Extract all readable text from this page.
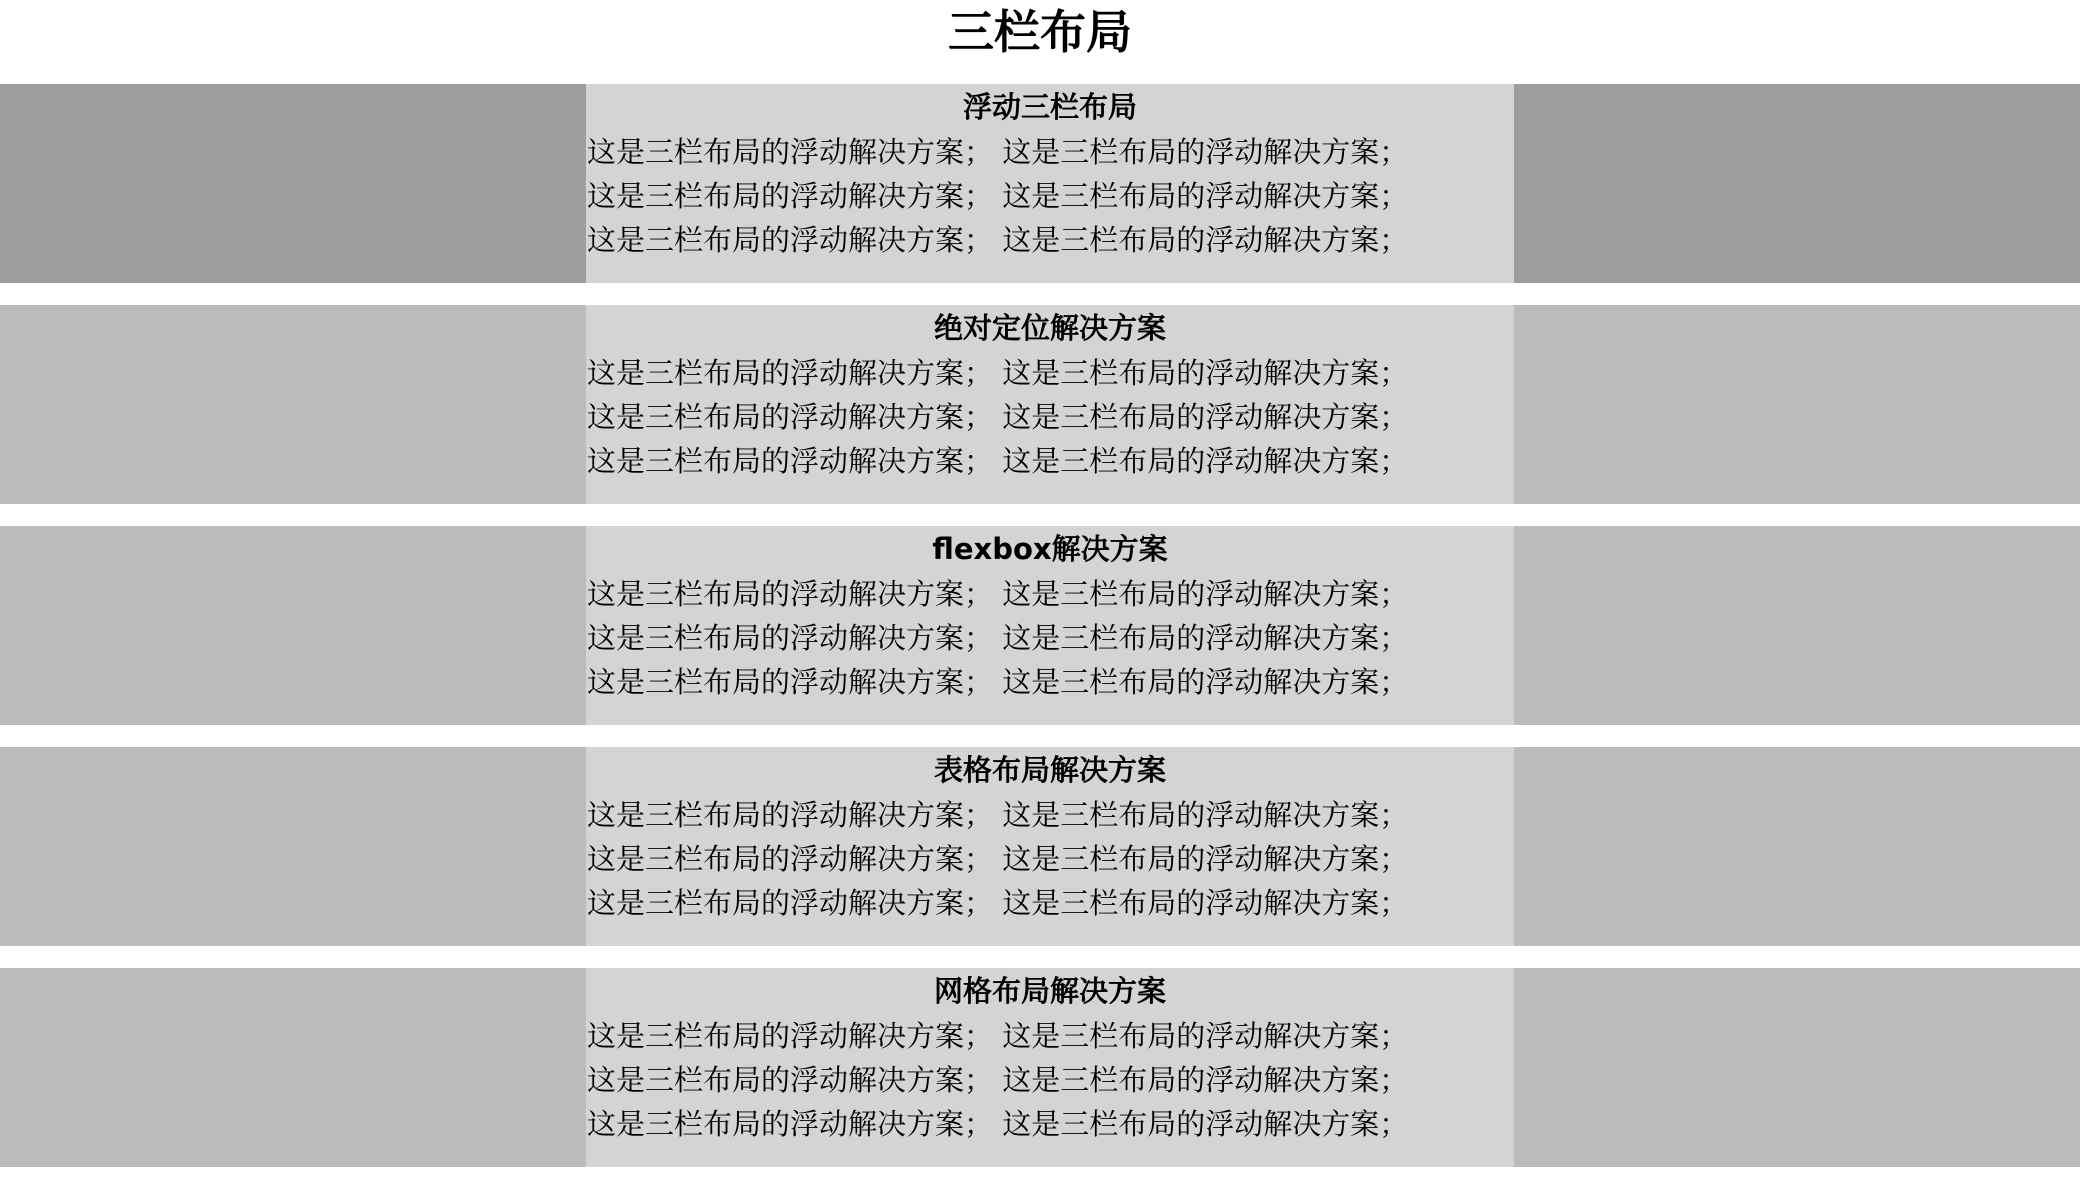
三栏布局
浮动三栏布局
这是三栏布局的浮动解决方案； 这是三栏布局的浮动解决方案；
这是三栏布局的浮动解决方案； 这是三栏布局的浮动解决方案；
这是三栏布局的浮动解决方案； 这是三栏布局的浮动解决方案；
绝对定位解决方案
这是三栏布局的浮动解决方案； 这是三栏布局的浮动解决方案；
这是三栏布局的浮动解决方案； 这是三栏布局的浮动解决方案；
这是三栏布局的浮动解决方案； 这是三栏布局的浮动解决方案；
flexbox解决方案
这是三栏布局的浮动解决方案； 这是三栏布局的浮动解决方案；
这是三栏布局的浮动解决方案； 这是三栏布局的浮动解决方案；
这是三栏布局的浮动解决方案； 这是三栏布局的浮动解决方案；
表格布局解决方案
这是三栏布局的浮动解决方案； 这是三栏布局的浮动解决方案；
这是三栏布局的浮动解决方案； 这是三栏布局的浮动解决方案；
这是三栏布局的浮动解决方案； 这是三栏布局的浮动解决方案；
网格布局解决方案
这是三栏布局的浮动解决方案； 这是三栏布局的浮动解决方案；
这是三栏布局的浮动解决方案； 这是三栏布局的浮动解决方案；
这是三栏布局的浮动解决方案； 这是三栏布局的浮动解决方案；
